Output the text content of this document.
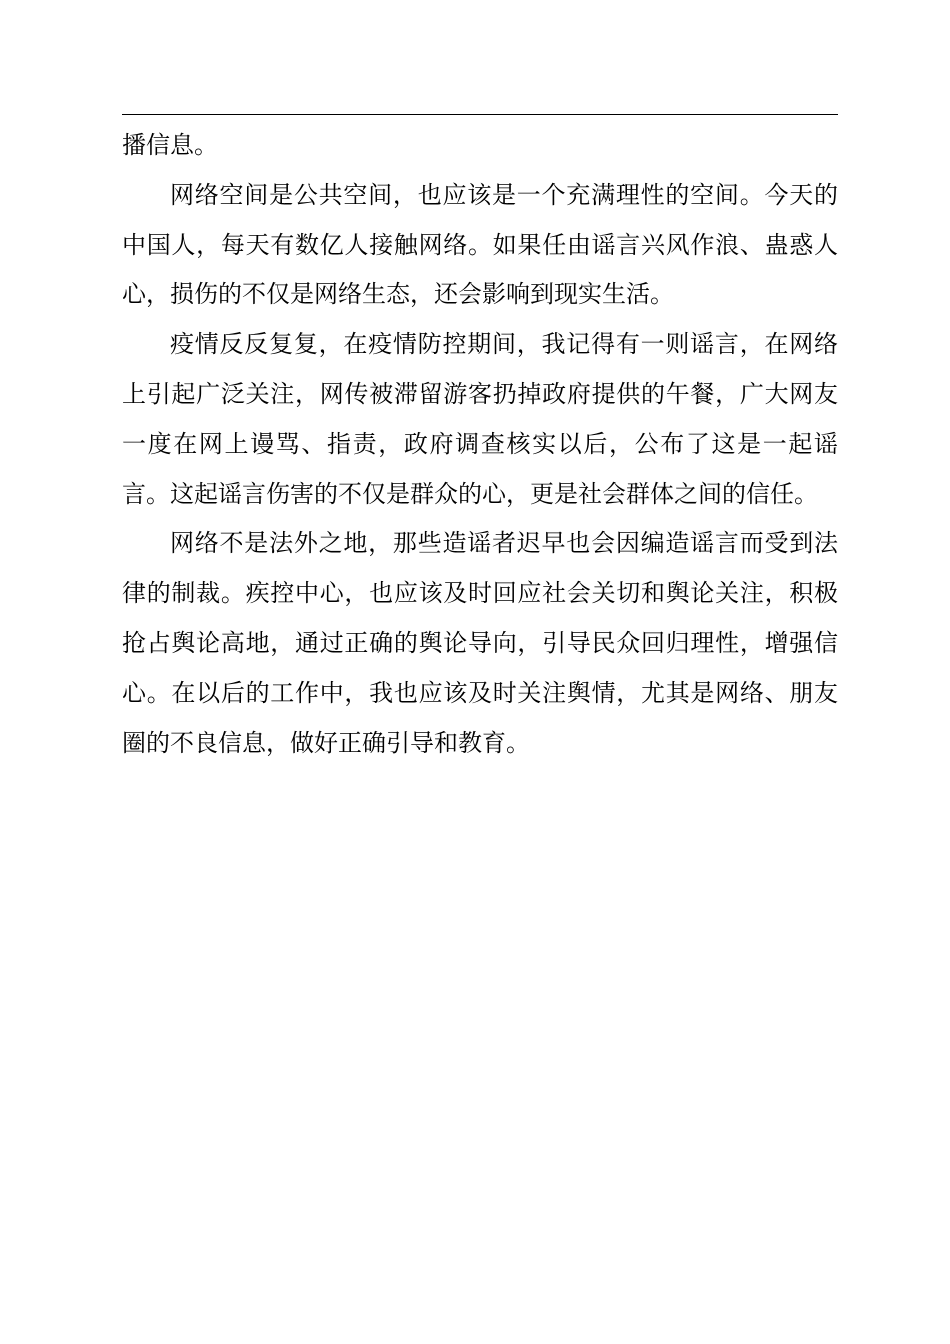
播信息。

网络空间是公共空间，也应该是一个充满理性的空间。今天的中国人，每天有数亿人接触网络。如果任由谣言兴风作浪、蛊惑人心，损伤的不仅是网络生态，还会影响到现实生活。

疫情反反复复，在疫情防控期间，我记得有一则谣言，在网络上引起广泛关注，网传被滞留游客扔掉政府提供的午餐，广大网友一度在网上谩骂、指责，政府调查核实以后，公布了这是一起谣言。这起谣言伤害的不仅是群众的心，更是社会群体之间的信任。

网络不是法外之地，那些造谣者迟早也会因编造谣言而受到法律的制裁。疾控中心，也应该及时回应社会关切和舆论关注，积极抢占舆论高地，通过正确的舆论导向，引导民众回归理性，增强信心。在以后的工作中，我也应该及时关注舆情，尤其是网络、朋友圈的不良信息，做好正确引导和教育。
